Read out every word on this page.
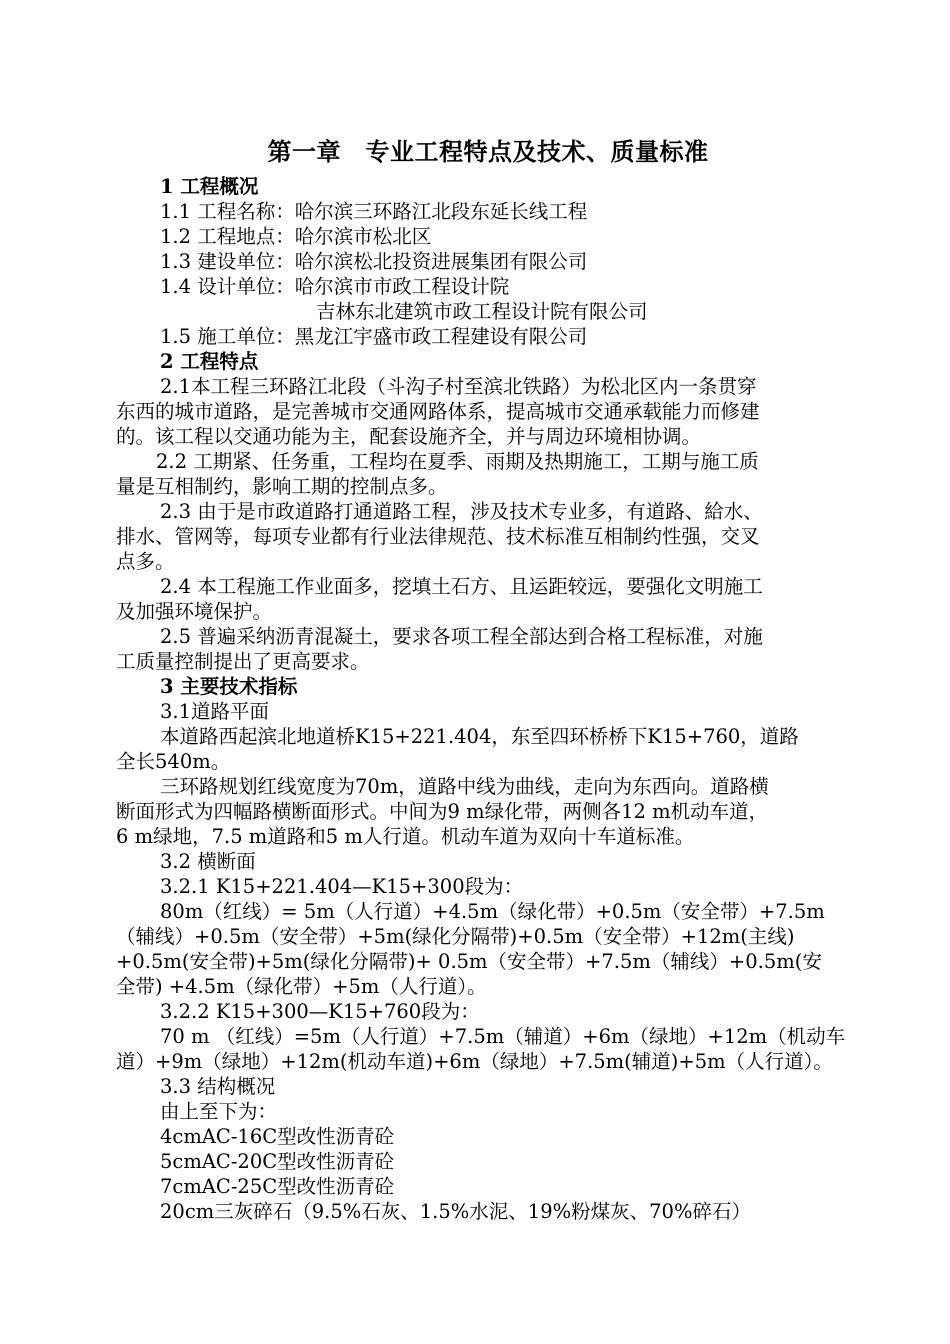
第一章　专业工程特点及技术、质量标准
1 工程概况
1.1 工程名称：哈尔滨三环路江北段东延长线工程
1.2 工程地点：哈尔滨市松北区
1.3 建设单位：哈尔滨松北投资进展集团有限公司
1.4 设计单位：哈尔滨市市政工程设计院
吉林东北建筑市政工程设计院有限公司
1.5 施工单位：黑龙江宇盛市政工程建设有限公司
2 工程特点
2.1本工程三环路江北段（斗沟子村至滨北铁路）为松北区内一条贯穿
东西的城市道路，是完善城市交通网路体系，提高城市交通承载能力而修建
的。该工程以交通功能为主，配套设施齐全，并与周边环境相协调。
2.2 工期紧、任务重，工程均在夏季、雨期及热期施工，工期与施工质
量是互相制约，影响工期的控制点多。
2.3 由于是市政道路打通道路工程，涉及技术专业多，有道路、給水、
排水、管网等，每项专业都有行业法律规范、技术标准互相制约性强，交叉
点多。
2.4 本工程施工作业面多，挖填土石方、且运距较远，要强化文明施工
及加强环境保护。
2.5 普遍采纳沥青混凝土，要求各项工程全部达到合格工程标准，对施
工质量控制提出了更高要求。
3 主要技术指标
3.1道路平面
本道路西起滨北地道桥K15+221.404，东至四环桥桥下K15+760，道路
全长540m。
三环路规划红线宽度为70m，道路中线为曲线，走向为东西向。道路横
断面形式为四幅路横断面形式。中间为9 m绿化带，两侧各12 m机动车道，
6 m绿地，7.5 m道路和5 m人行道。机动车道为双向十车道标准。
3.2 横断面
3.2.1 K15+221.404—K15+300段为：
80m（红线）= 5m（人行道）+4.5m（绿化带）+0.5m（安全带）+7.5m
（辅线）+0.5m（安全带）+5m(绿化分隔带)+0.5m（安全带）+12m(主线)
+0.5m(安全带)+5m(绿化分隔带)+ 0.5m（安全带）+7.5m（辅线）+0.5m(安
全带) +4.5m（绿化带）+5m（人行道）。
3.2.2 K15+300—K15+760段为：
70 m （红线）=5m（人行道）+7.5m（辅道）+6m（绿地）+12m（机动车
道）+9m（绿地）+12m(机动车道)+6m（绿地）+7.5m(辅道)+5m（人行道）。
3.3 结构概况
由上至下为：
4cmAC-16C型改性沥青砼
5cmAC-20C型改性沥青砼
7cmAC-25C型改性沥青砼
20cm三灰碎石（9.5%石灰、1.5%水泥、19%粉煤灰、70%碎石）
